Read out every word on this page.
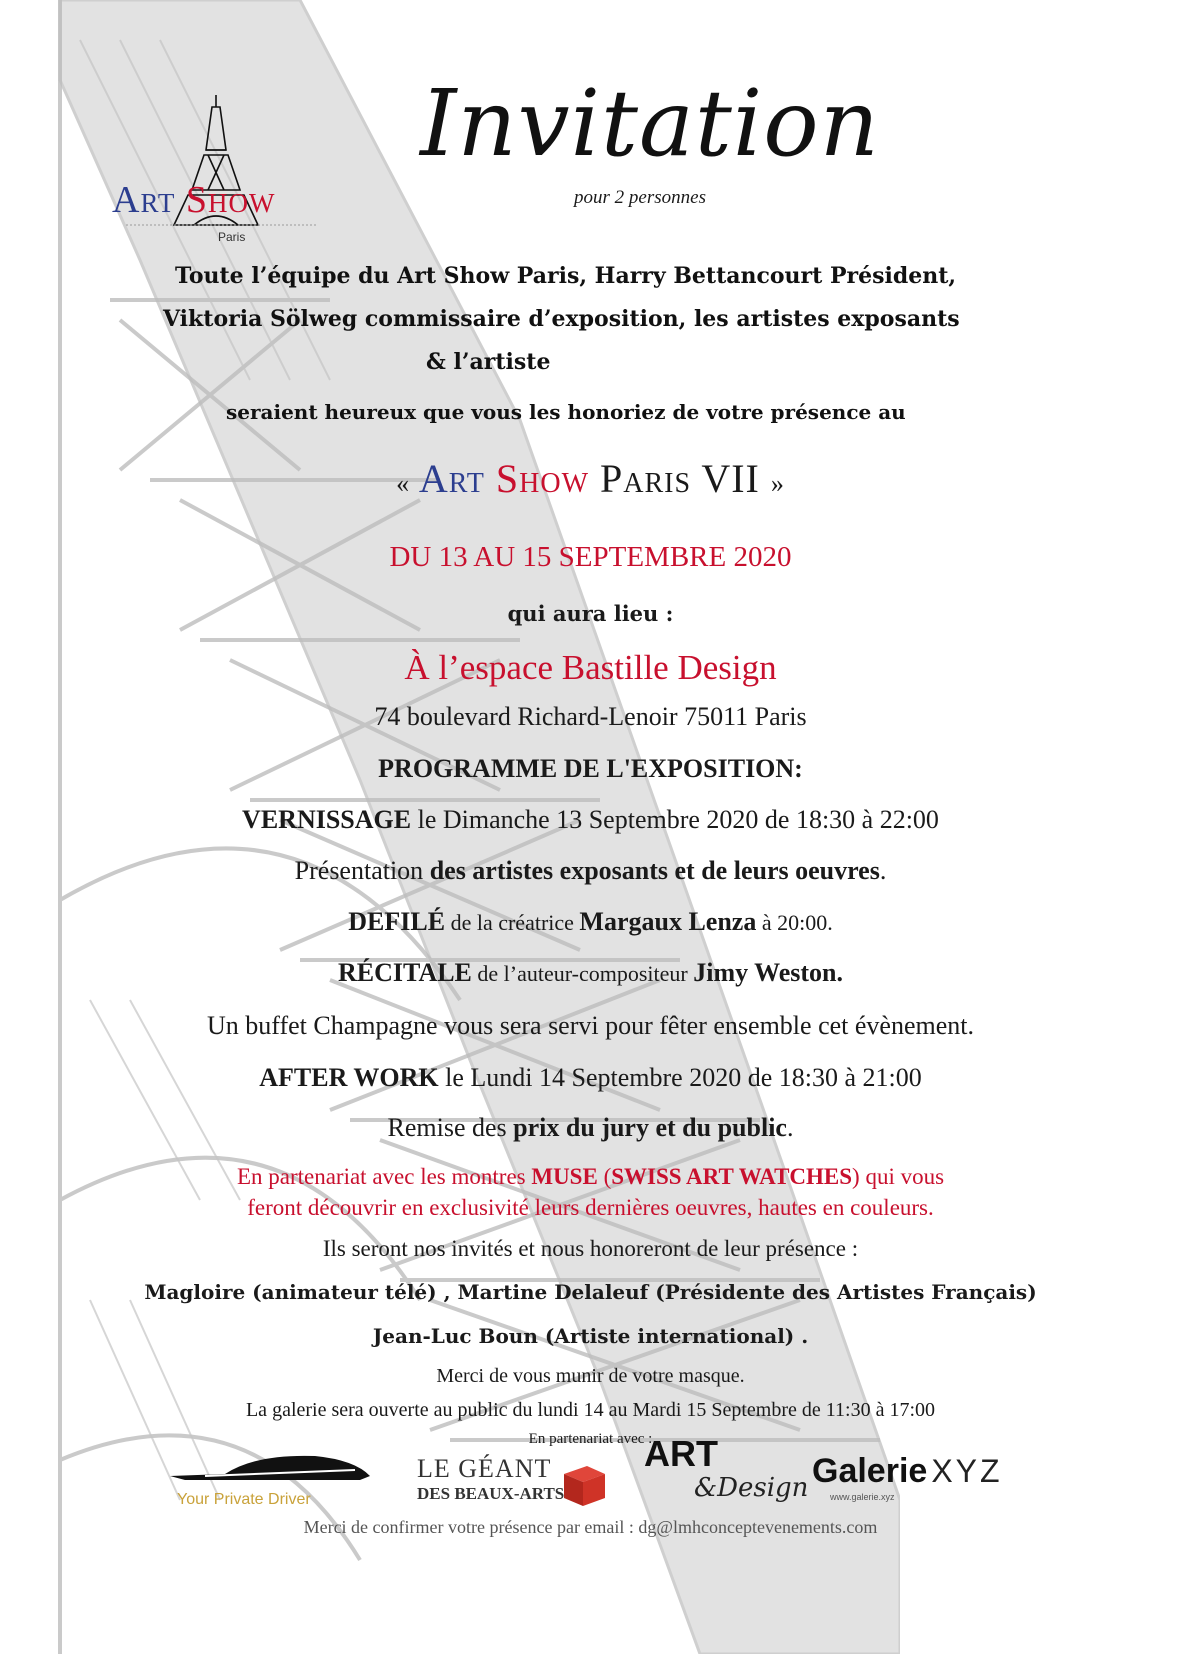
Art Show
Paris
Invitation
pour 2 personnes
Toute l’équipe du Art Show Paris, Harry Bettancourt Président,
Viktoria Sölweg commissaire d’exposition, les artistes exposants
& l’artiste
seraient heureux que vous les honoriez de votre présence au
« Art Show Paris VII »
DU 13 AU 15 SEPTEMBRE 2020
qui aura lieu :
À l’espace Bastille Design
74 boulevard Richard-Lenoir 75011 Paris
PROGRAMME DE L'EXPOSITION:
VERNISSAGE le Dimanche 13 Septembre 2020 de 18:30 à 22:00
Présentation des artistes exposants et de leurs oeuvres.
DEFILÉ de la créatrice Margaux Lenza à 20:00.
RÉCITALE de l’auteur-compositeur Jimy Weston.
Un buffet Champagne vous sera servi pour fêter ensemble cet évènement.
AFTER WORK le Lundi 14 Septembre 2020 de 18:30 à 21:00
Remise des prix du jury et du public.
En partenariat avec les montres MUSE (SWISS ART WATCHES) qui vous
feront découvrir en exclusivité leurs dernières oeuvres, hautes en couleurs.
Ils seront nos invités et nous honoreront de leur présence :
Magloire (animateur télé) , Martine Delaleuf (Présidente des Artistes Français)
Jean-Luc Boun (Artiste international) .
Merci de vous munir de votre masque.
La galerie sera ouverte au public du lundi 14 au Mardi 15 Septembre de 11:30 à 17:00
En partenariat avec :
Your Private Driver
LE GÉANT
DES BEAUX-ARTS
ART
&Design Galerie XYZ
www.galerie.xyz
Merci de confirmer votre présence par email : dg@lmhconceptevenements.com
